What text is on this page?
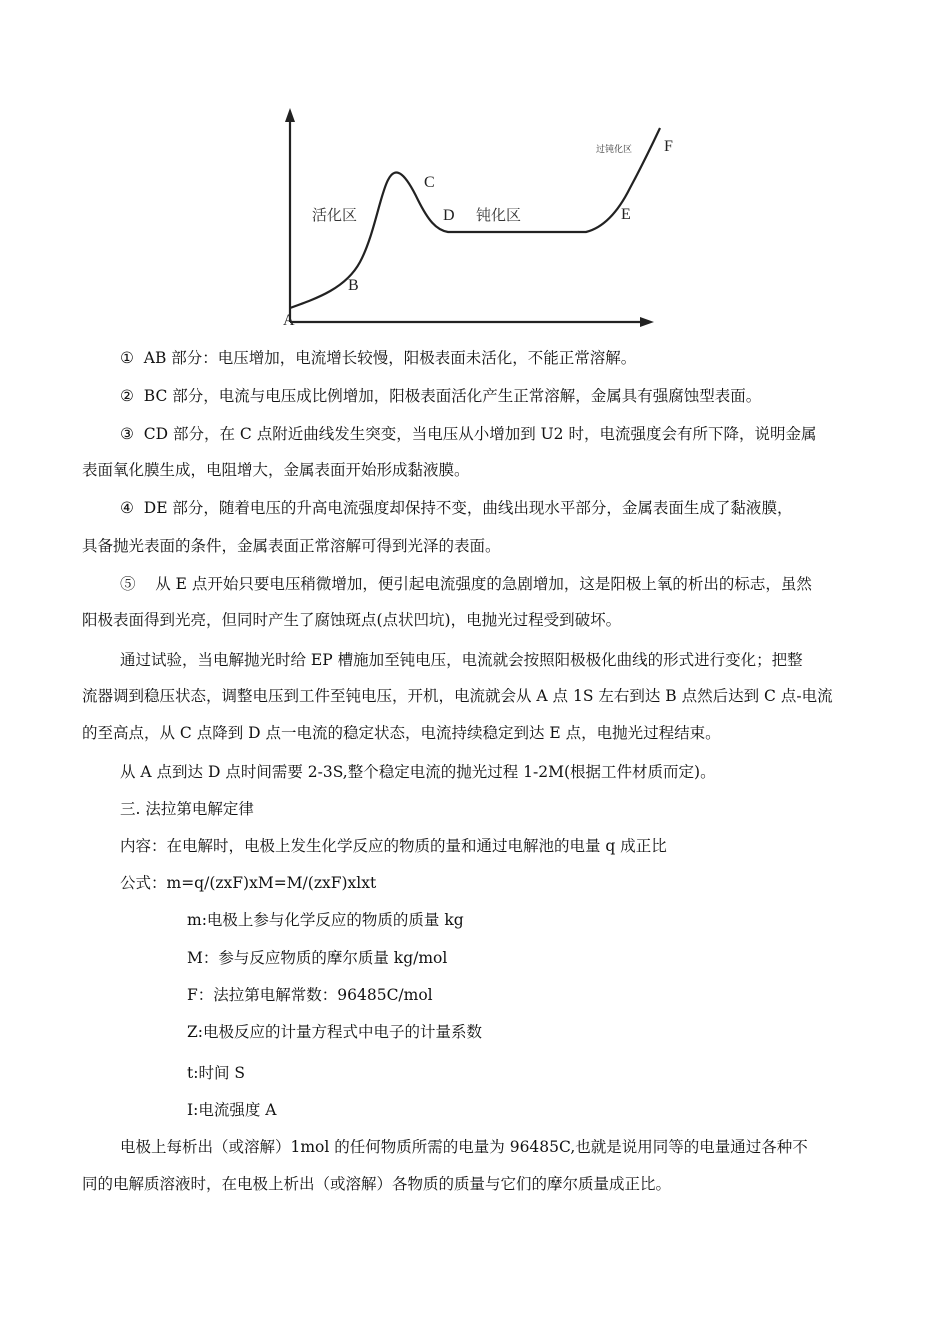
A
B
C
D	E
F
活化区	钝化区
过钝化区
① AB 部分：电压增加，电流增长较慢，阳极表面未活化，不能正常溶解。
② BC 部分，电流与电压成比例增加，阳极表面活化产生正常溶解，金属具有强腐蚀型表面。
③ CD 部分，在 C 点附近曲线发生突变，当电压从小增加到 U2 时，电流强度会有所下降，说明金属
表面氧化膜生成，电阻增大，金属表面开始形成黏液膜。
④ DE 部分，随着电压的升高电流强度却保持不变，曲线出现水平部分，金属表面生成了黏液膜，
具备抛光表面的条件，金属表面正常溶解可得到光泽的表面。
⑤ 从 E 点开始只要电压稍微增加，便引起电流强度的急剧增加，这是阳极上氧的析出的标志，虽然
阳极表面得到光亮，但同时产生了腐蚀斑点(点状凹坑)，电抛光过程受到破坏。
通过试验，当电解抛光时给 EP 槽施加至钝电压，电流就会按照阳极极化曲线的形式进行变化；把整
流器调到稳压状态，调整电压到工件至钝电压，开机，电流就会从 A 点 1S 左右到达 B 点然后达到 C 点-电流
的至高点，从 C 点降到 D 点一电流的稳定状态，电流持续稳定到达 E 点，电抛光过程结束。
从 A 点到达 D 点时间需要 2-3S,整个稳定电流的抛光过程 1-2M(根据工件材质而定)。
三. 法拉第电解定律
内容：在电解时，电极上发生化学反应的物质的量和通过电解池的电量 q 成正比
公式：m=q/(zxF)xM=M/(zxF)xlxt
m:电极上参与化学反应的物质的质量 kg
M：参与反应物质的摩尔质量 kg/mol
F：法拉第电解常数：96485C/mol
Z:电极反应的计量方程式中电子的计量系数
t:时间 S
I:电流强度 A
电极上每析出（或溶解）1mol 的任何物质所需的电量为 96485C,也就是说用同等的电量通过各种不
同的电解质溶液时，在电极上析出（或溶解）各物质的质量与它们的摩尔质量成正比。
